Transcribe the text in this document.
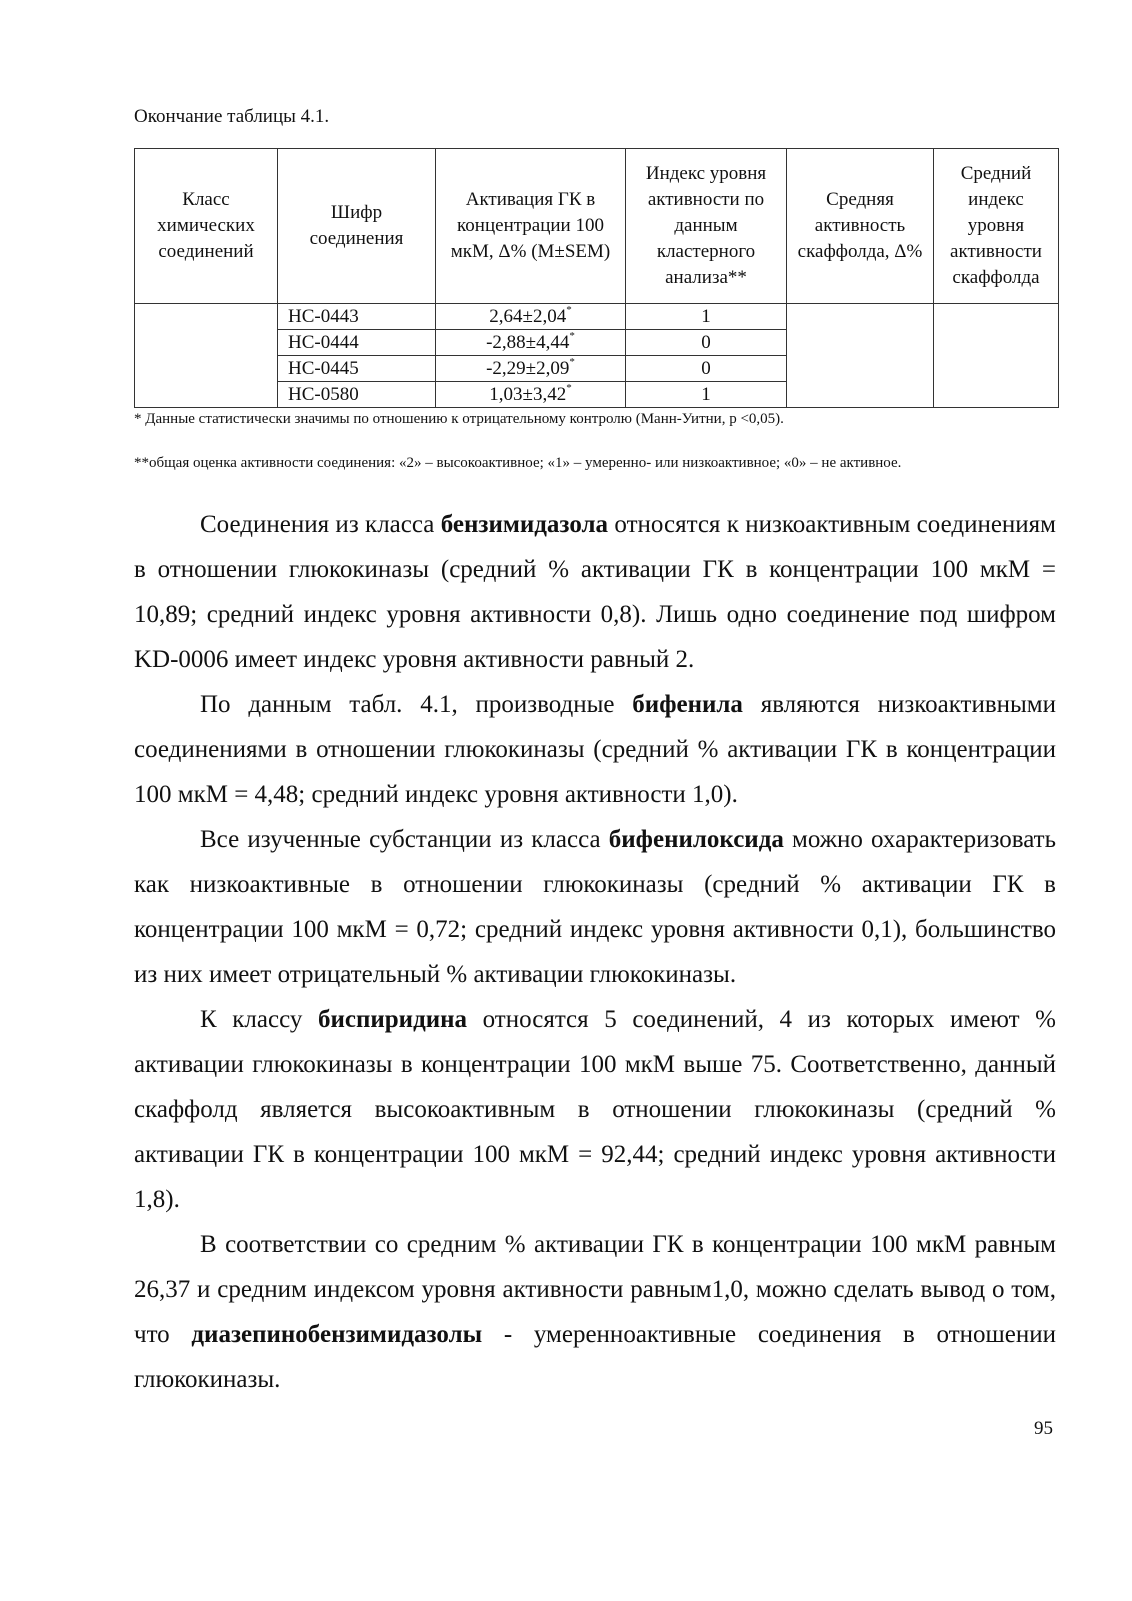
Окончание таблицы 4.1.
Класс химических соединений	Шифр соединения	Активация ГК в концентрации 100 мкМ, Δ% (M±SEM)	Индекс уровня активности по данным кластерного анализа**	Средняя активность скаффолда, Δ%	Средний индекс уровня активности скаффолда
	HC-0443	2,64±2,04*	1		
	HC-0444	-2,88±4,44*	0		
	HC-0445	-2,29±2,09*	0		
	HC-0580	1,03±3,42*	1		
* Данные статистически значимы по отношению к отрицательному контролю (Манн-Уитни, p <0,05).
**общая оценка активности соединения: «2» – высокоактивное; «1» – умеренно- или низкоактивное; «0» – не активное.

Соединения из класса бензимидазола относятся к низкоактивным соединениям в отношении глюкокиназы (средний % активации ГК в концентрации 100 мкМ = 10,89; средний индекс уровня активности 0,8). Лишь одно соединение под шифром KD-0006 имеет индекс уровня активности равный 2.

По данным табл. 4.1, производные бифенила являются низкоактивными соединениями в отношении глюкокиназы (средний % активации ГК в концентрации 100 мкМ = 4,48; средний индекс уровня активности 1,0).

Все изученные субстанции из класса бифенилоксида можно охарактеризовать как низкоактивные в отношении глюкокиназы (средний % активации ГК в концентрации 100 мкМ = 0,72; средний индекс уровня активности 0,1), большинство из них имеет отрицательный % активации глюкокиназы.

К классу биспиридина относятся 5 соединений, 4 из которых имеют % активации глюкокиназы в концентрации 100 мкМ выше 75. Соответственно, данный скаффолд является высокоактивным в отношении глюкокиназы (средний % активации ГК в концентрации 100 мкМ = 92,44; средний индекс уровня активности 1,8).

В соответствии со средним % активации ГК в концентрации 100 мкМ равным 26,37 и средним индексом уровня активности равным1,0, можно сделать вывод о том, что диазепинобензимидазолы - умеренноактивные соединения в отношении глюкокиназы.

95
